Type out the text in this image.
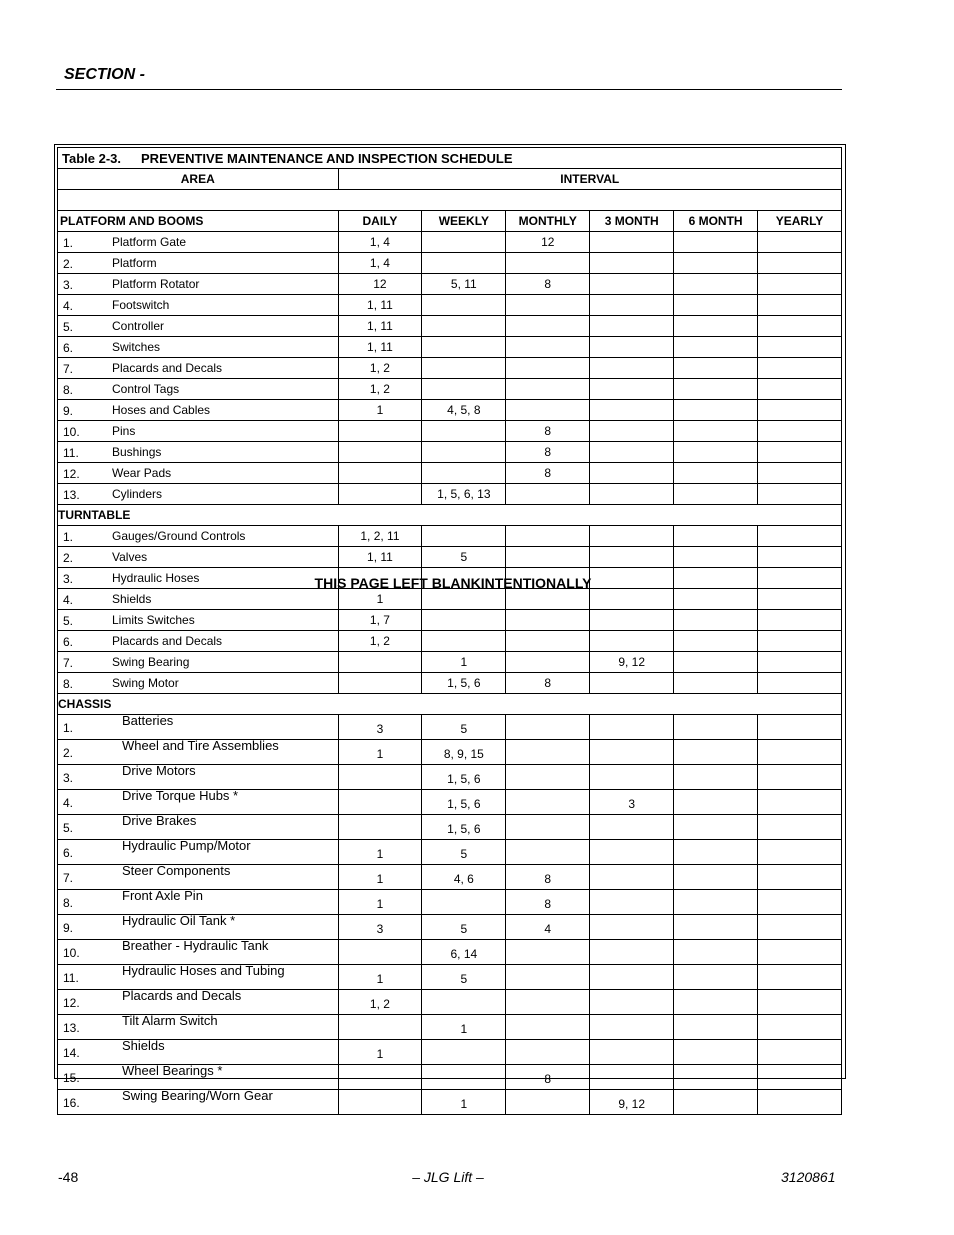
SECTION -
Table 2-3. PREVENTIVE MAINTENANCE AND INSPECTION SCHEDULE						
AREA	INTERVAL					

PLATFORM AND BOOMS	DAILY	WEEKLY	MONTHLY	3 MONTH	6 MONTH	YEARLY

1. Platform Gate	1, 4		12			

2. Platform	1, 4					

3. Platform Rotator	12	5, 11	8			

4. Footswitch	1, 11					

5. Controller	1, 11					

6. Switches	1, 11					

7. Placards and Decals	1, 2					

8. Control Tags	1, 2					

9. Hoses and Cables	1	4, 5, 8				

10. Pins			8			

11. Bushings			8			

12. Wear Pads			8			

13. Cylinders		1, 5, 6, 13				
TURNTABLE						

1. Gauges/Ground Controls	1, 2, 11					

2. Valves	1, 11	5				

3. Hydraulic Hoses						

4. Shields	1					

5. Limits Switches	1, 7					

6. Placards and Decals	1, 2					

7. Swing Bearing		1		9, 12		

8. Swing Motor		1, 5, 6	8			
CHASSIS						

1. Batteries	3	5				

2. Wheel and Tire Assemblies	1	8, 9, 15				

3. Drive Motors		1, 5, 6				

4. Drive Torque Hubs *		1, 5, 6		3		

5. Drive Brakes		1, 5, 6				

6. Hydraulic Pump/Motor	1	5				

7. Steer Components	1	4, 6	8			

8. Front Axle Pin	1		8			

9. Hydraulic Oil Tank *	3	5	4			

10. Breather - Hydraulic Tank		6, 14				

11. Hydraulic Hoses and Tubing	1	5				

12. Placards and Decals	1, 2					

13. Tilt Alarm Switch		1				

14. Shields	1					

15. Wheel Bearings *			8			

16. Swing Bearing/Worn Gear		1		9, 12		
THIS PAGE LEFT BLANKINTENTIONALLY
-48	– JLG Lift –	3120861
